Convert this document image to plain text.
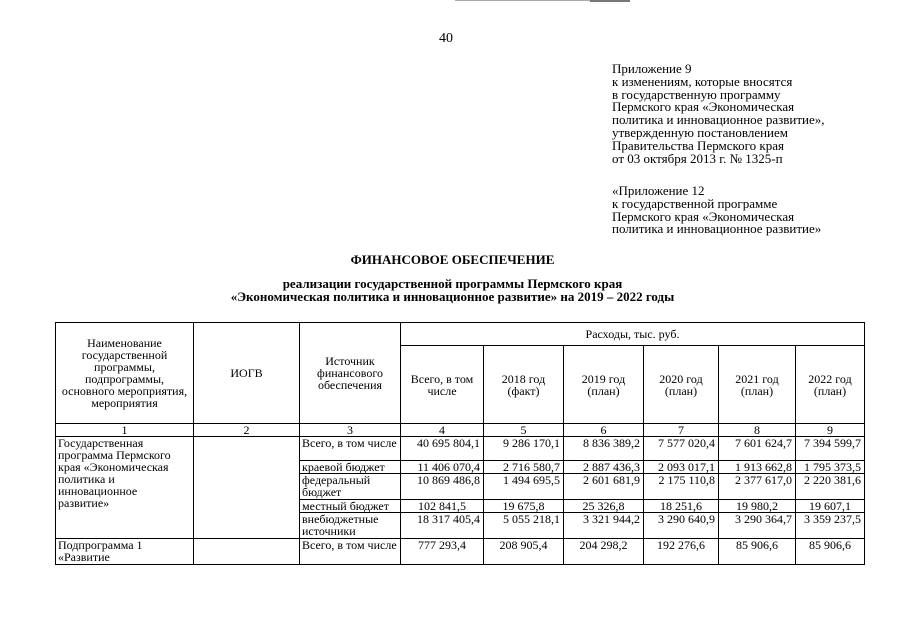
40
Приложение 9
к изменениям, которые вносятся
в государственную программу
Пермского края «Экономическая
политика и инновационное развитие»,
утвержденную постановлением
Правительства Пермского края
от 03 октября 2013 г. № 1325-п
«Приложение 12
к государственной программе
Пермского края «Экономическая
политика и инновационное развитие»
ФИНАНСОВОЕ ОБЕСПЕЧЕНИЕ
реализации государственной программы Пермского края
«Экономическая политика и инновационное развитие» на 2019 – 2022 годы
Наименование государственной программы, подпрограммы, основного мероприятия, мероприятия	ИОГВ	Источник финансового обеспечения	Расходы, тыс. руб.					
			Всего, в том числе	2018 год (факт)	2019 год (план)	2020 год (план)	2021 год (план)	2022 год (план)
1	2	3	4	5	6	7	8	9
Государственная программа Пермского края «Экономическая политика и инновационное развитие»		Всего, в том числе	40 695 804,1	9 286 170,1	8 836 389,2	7 577 020,4	7 601 624,7	7 394 599,7
		краевой бюджет	11 406 070,4	2 716 580,7	2 887 436,3	2 093 017,1	1 913 662,8	1 795 373,5
		федеральный бюджет	10 869 486,8	1 494 695,5	2 601 681,9	2 175 110,8	2 377 617,0	2 220 381,6
		местный бюджет	102 841,5	19 675,8	25 326,8	18 251,6	19 980,2	19 607,1
		внебюджетные источники	18 317 405,4	5 055 218,1	3 321 944,2	3 290 640,9	3 290 364,7	3 359 237,5
Подпрограмма 1 «Развитие		Всего, в том числе	777 293,4	208 905,4	204 298,2	192 276,6	85 906,6	85 906,6
